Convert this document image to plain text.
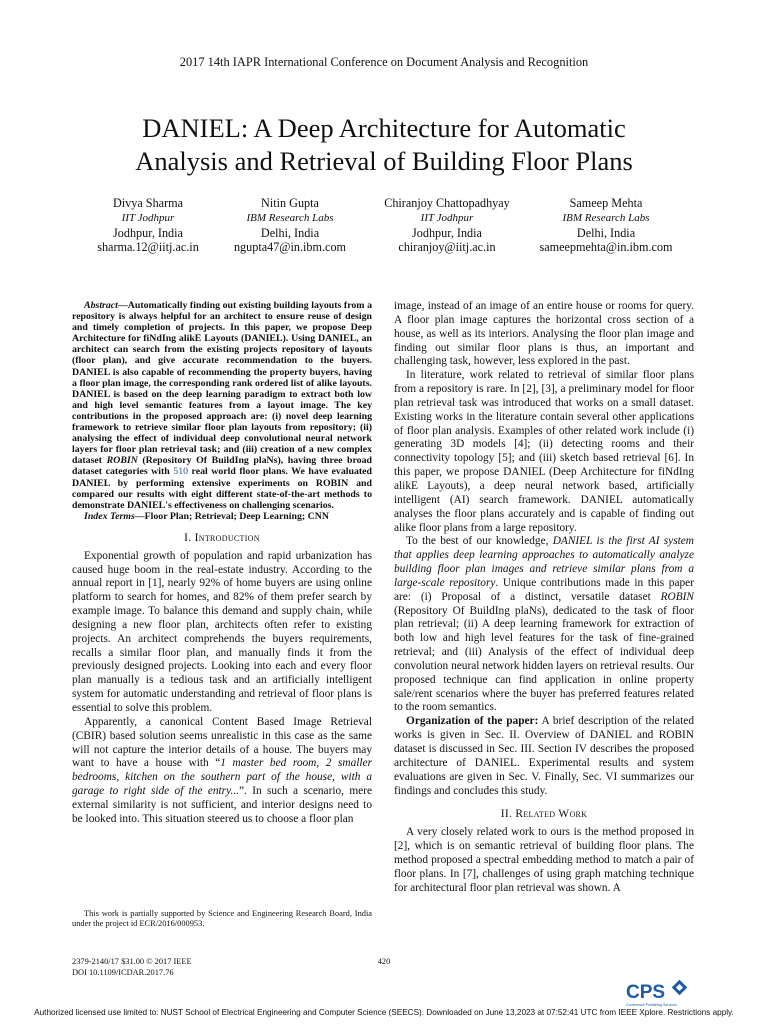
2017 14th IAPR International Conference on Document Analysis and Recognition
DANIEL: A Deep Architecture for Automatic
Analysis and Retrieval of Building Floor Plans
Divya Sharma
IIT Jodhpur
Jodhpur, India
sharma.12@iitj.ac.in
Nitin Gupta
IBM Research Labs
Delhi, India
ngupta47@in.ibm.com
Chiranjoy Chattopadhyay
IIT Jodhpur
Jodhpur, India
chiranjoy@iitj.ac.in
Sameep Mehta
IBM Research Labs
Delhi, India
sameepmehta@in.ibm.com

Abstract—Automatically finding out existing building layouts from a repository is always helpful for an architect to ensure reuse of design and timely completion of projects. In this paper, we propose Deep Architecture for fiNdIng alikE Layouts (DANIEL). Using DANIEL, an architect can search from the existing projects repository of layouts (floor plan), and give accurate recommendation to the buyers. DANIEL is also capable of recommending the property buyers, having a floor plan image, the corresponding rank ordered list of alike layouts. DANIEL is based on the deep learning paradigm to extract both low and high level semantic features from a layout image. The key contributions in the proposed approach are: (i) novel deep learning framework to retrieve similar floor plan layouts from repository; (ii) analysing the effect of individual deep convolutional neural network layers for floor plan retrieval task; and (iii) creation of a new complex dataset ROBIN (Repository Of BuildIng plaNs), having three broad dataset categories with 510 real world floor plans. We have evaluated DANIEL by performing extensive experiments on ROBIN and compared our results with eight different state-of-the-art methods to demonstrate DANIEL's effectiveness on challenging scenarios.

Index Terms—Floor Plan; Retrieval; Deep Learning; CNN

I. Introduction

Exponential growth of population and rapid urbanization has caused huge boom in the real-estate industry. According to the annual report in [1], nearly 92% of home buyers are using online platform to search for homes, and 82% of them prefer search by example image. To balance this demand and supply chain, while designing a new floor plan, architects often refer to existing projects. An architect comprehends the buyers requirements, recalls a similar floor plan, and manually finds it from the previously designed projects. Looking into each and every floor plan manually is a tedious task and an artificially intelligent system for automatic understanding and retrieval of floor plans is essential to solve this problem.

Apparently, a canonical Content Based Image Retrieval (CBIR) based solution seems unrealistic in this case as the same will not capture the interior details of a house. The buyers may want to have a house with “1 master bed room, 2 smaller bedrooms, kitchen on the southern part of the house, with a garage to right side of the entry...”. In such a scenario, mere external similarity is not sufficient, and interior designs need to be looked into. This situation steered us to choose a floor plan

This work is partially supported by Science and Engineering Research Board, India under the project id ECR/2016/000953.

image, instead of an image of an entire house or rooms for query. A floor plan image captures the horizontal cross section of a house, as well as its interiors. Analysing the floor plan image and finding out similar floor plans is thus, an important and challenging task, however, less explored in the past.

In literature, work related to retrieval of similar floor plans from a repository is rare. In [2], [3], a preliminary model for floor plan retrieval task was introduced that works on a small dataset. Existing works in the literature contain several other applications of floor plan analysis. Examples of other related work include (i) generating 3D models [4]; (ii) detecting rooms and their connectivity topology [5]; and (iii) sketch based retrieval [6]. In this paper, we propose DANIEL (Deep Architecture for fiNdIng alikE Layouts), a deep neural network based, artificially intelligent (AI) search framework. DANIEL automatically analyses the floor plans accurately and is capable of finding out alike floor plans from a large repository.

To the best of our knowledge, DANIEL is the first AI system that applies deep learning approaches to automatically analyze building floor plan images and retrieve similar plans from a large-scale repository. Unique contributions made in this paper are: (i) Proposal of a distinct, versatile dataset ROBIN (Repository Of BuildIng plaNs), dedicated to the task of floor plan retrieval; (ii) A deep learning framework for extraction of both low and high level features for the task of fine-grained retrieval; and (iii) Analysis of the effect of individual deep convolution neural network hidden layers on retrieval results. Our proposed technique can find application in online property sale/rent scenarios where the buyer has preferred features related to the room semantics.

Organization of the paper: A brief description of the related works is given in Sec. II. Overview of DANIEL and ROBIN dataset is discussed in Sec. III. Section IV describes the proposed architecture of DANIEL. Experimental results and system evaluations are given in Sec. V. Finally, Sec. VI summarizes our findings and concludes this study.

II. Related Work

A very closely related work to ours is the method proposed in [2], which is on semantic retrieval of building floor plans. The method proposed a spectral embedding method to match a pair of floor plans. In [7], challenges of using graph matching technique for architectural floor plan retrieval was shown. A

2379-2140/17 $31.00 © 2017 IEEE
DOI 10.1109/ICDAR.2017.76
420
CPS
Conference Publishing Services
Authorized licensed use limited to: NUST School of Electrical Engineering and Computer Science (SEECS). Downloaded on June 13,2023 at 07:52:41 UTC from IEEE Xplore. Restrictions apply.
